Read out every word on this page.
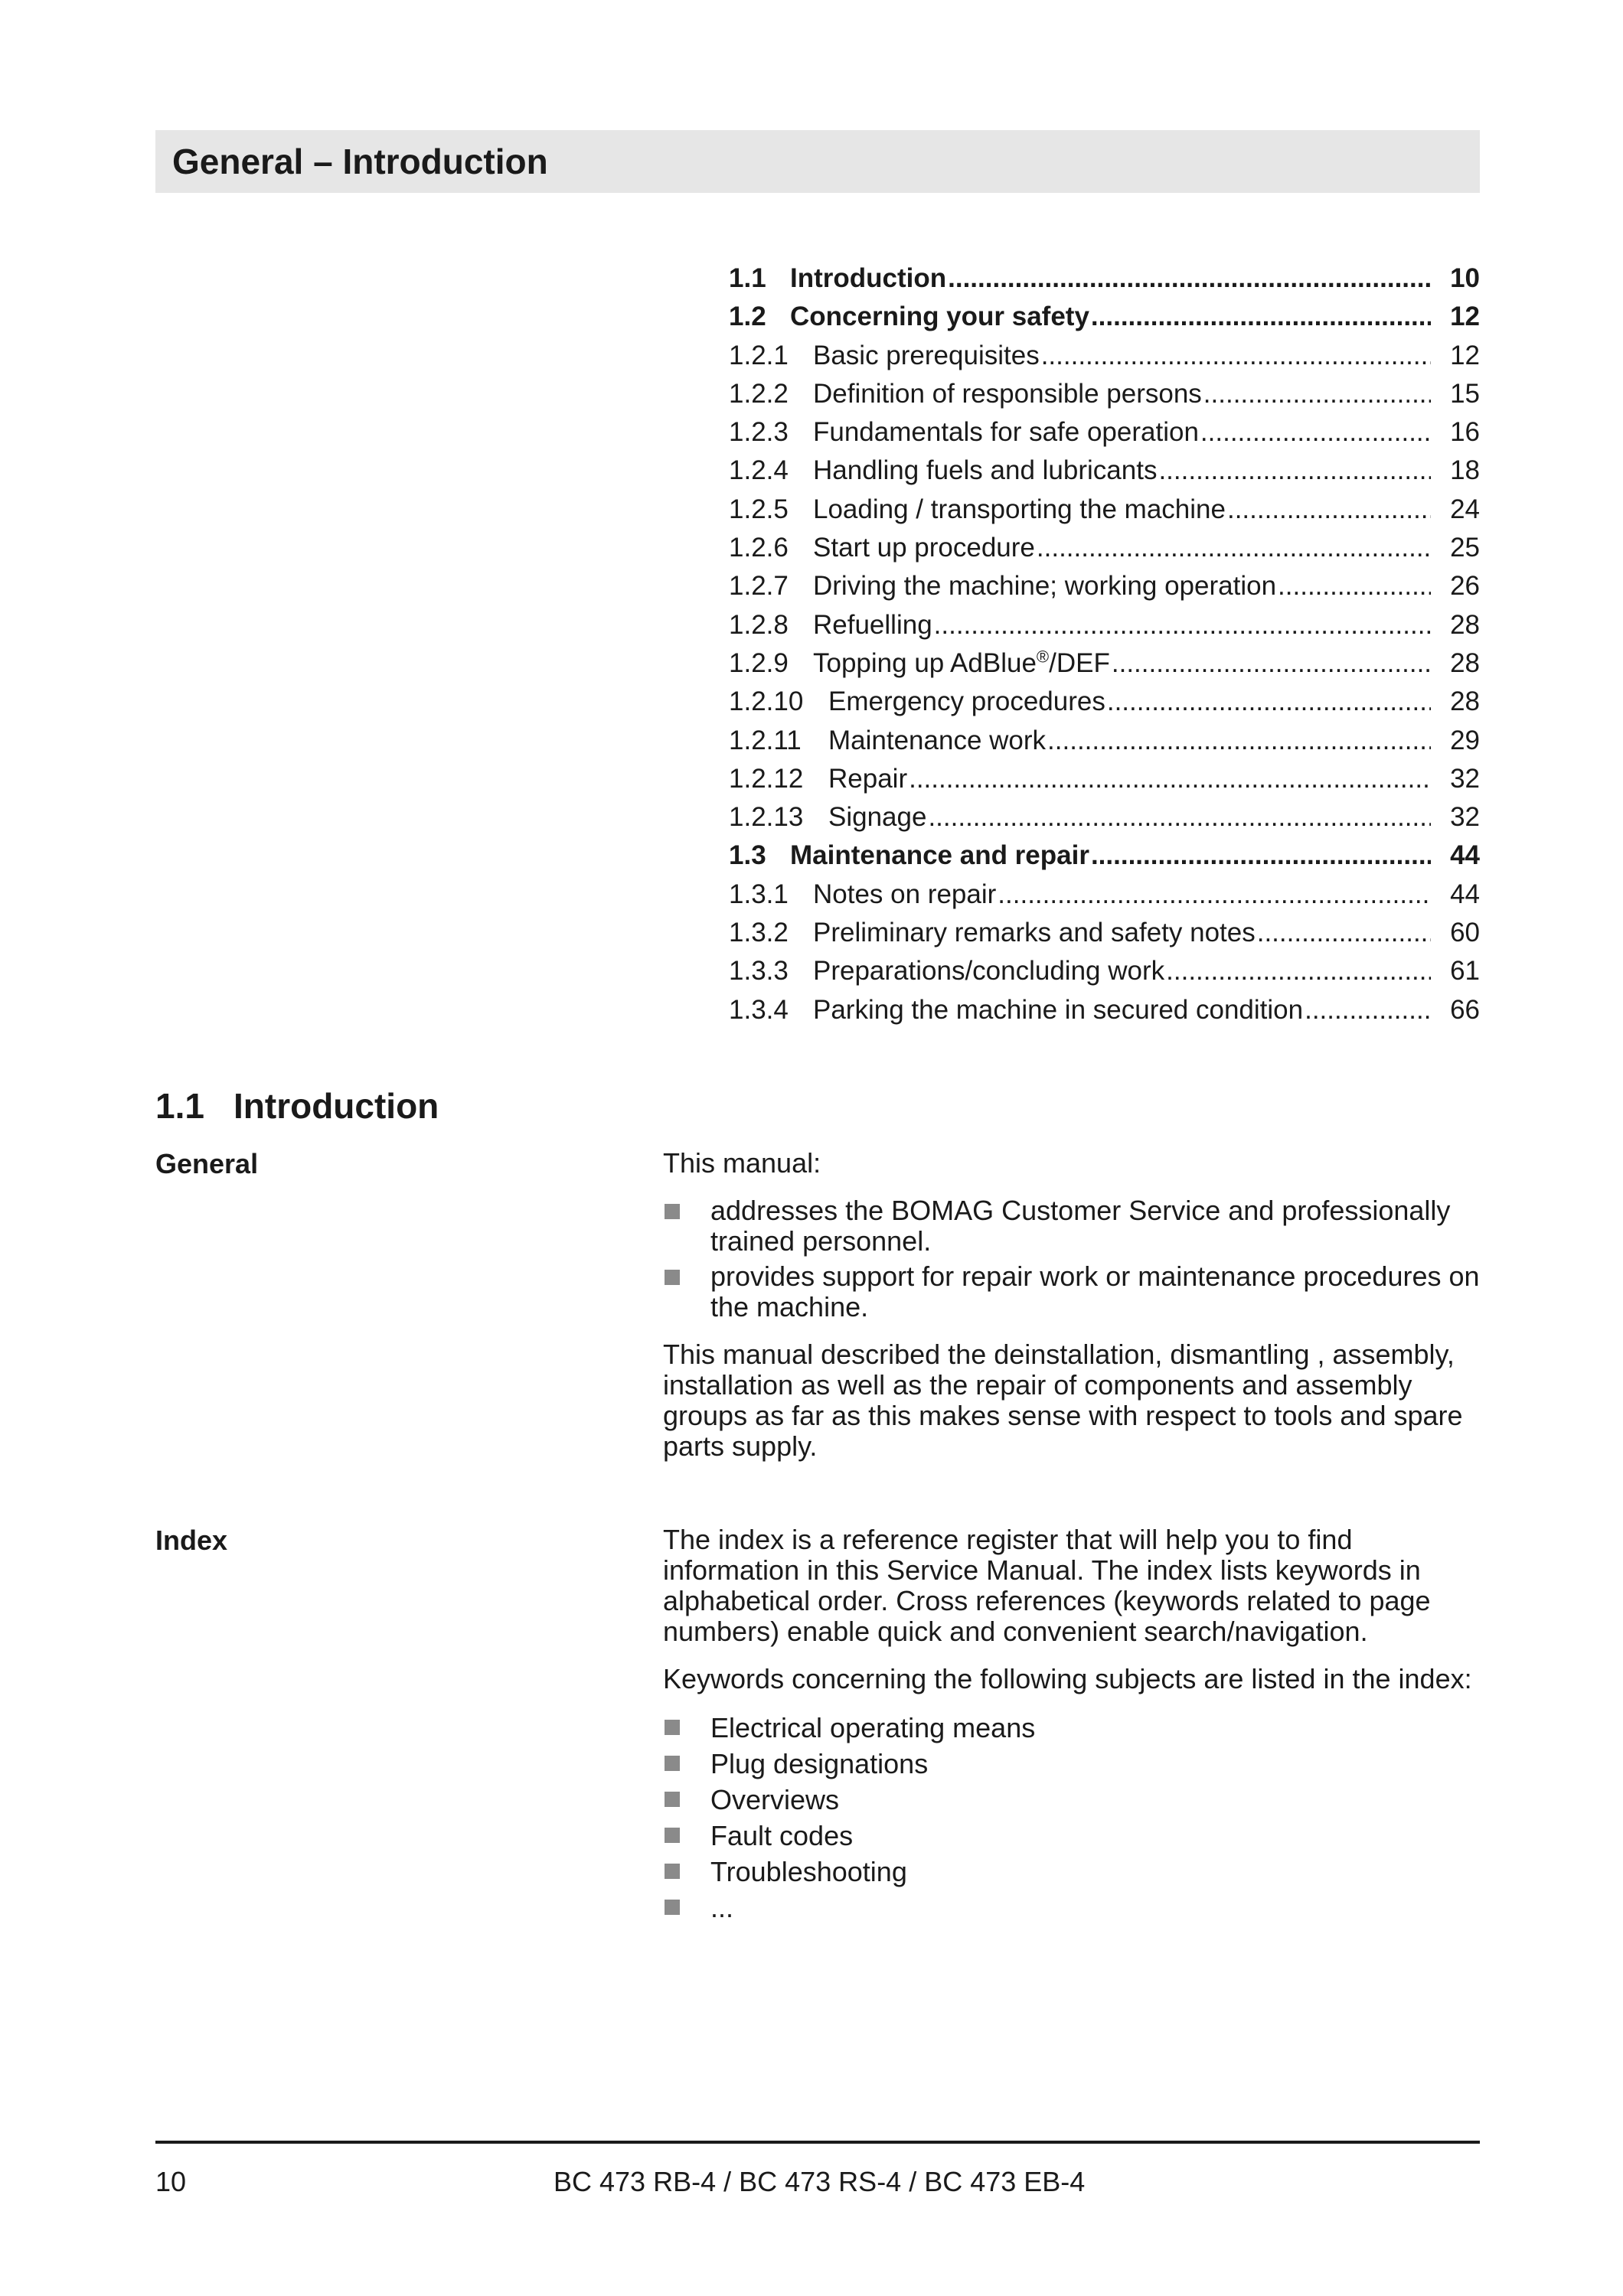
General – Introduction
1.1 Introduction .....	10
1.2 Concerning your safety .....	12
1.2.1 Basic prerequisites .....	12
1.2.2 Definition of responsible persons .....	15
1.2.3 Fundamentals for safe operation .....	16
1.2.4 Handling fuels and lubricants .....	18
1.2.5 Loading / transporting the machine .....	24
1.2.6 Start up procedure .....	25
1.2.7 Driving the machine; working operation .....	26
1.2.8 Refuelling .....	28
1.2.9 Topping up AdBlue®/DEF .....	28
1.2.10 Emergency procedures .....	28
1.2.11	Maintenance work .....	29
1.2.12 Repair .....	32
1.2.13 Signage .....	32
1.3 Maintenance and repair .....	44
1.3.1 Notes on repair .....	44
1.3.2 Preliminary remarks and safety notes .....	60
1.3.3 Preparations/concluding work .....	61
1.3.4 Parking the machine in secured condition .....	66
1.1 Introduction
General	This manual:

addresses the BOMAG Customer Service and professionally trained personnel.
provides support for repair work or maintenance procedures on the machine.

This manual described the deinstallation, dismantling , assembly, installation as well as the repair of components and assembly groups as far as this makes sense with respect to tools and spare parts supply.

Index	The index is a reference register that will help you to find information in this Service Manual. The index lists keywords in alphabetical order. Cross references (keywords related to page numbers) enable quick and convenient search/navigation.

Keywords concerning the following subjects are listed in the index:

Electrical operating means
Plug designations
Overviews
Fault codes
Troubleshooting
...
10	BC 473 RB-4 / BC 473 RS-4 / BC 473 EB-4
